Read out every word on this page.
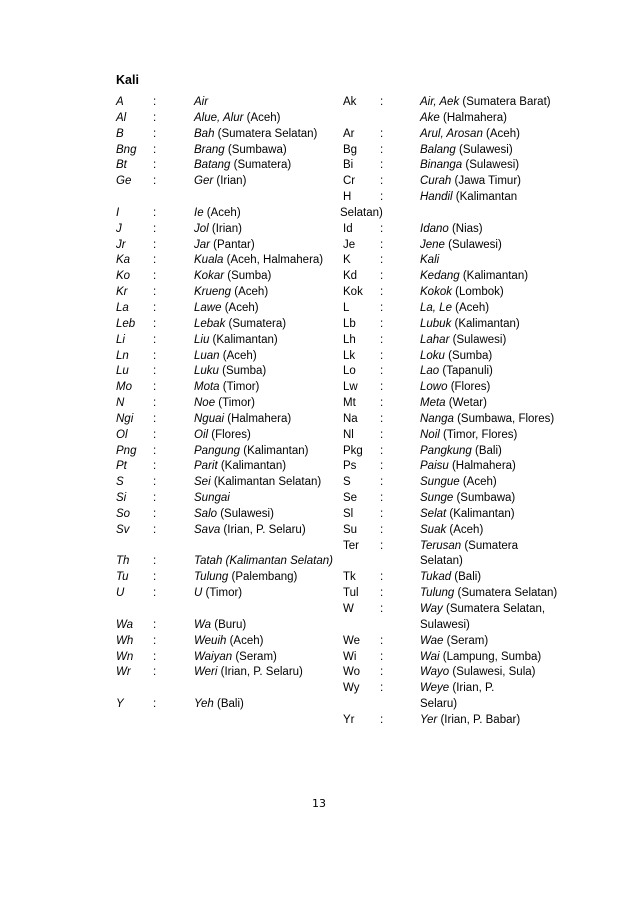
Kali
A	:	Air
Al	:	Alue, Alur (Aceh)
B	:	Bah (Sumatera Selatan)
Bng	:	Brang (Sumbawa)
Bt	:	Batang (Sumatera)
Ge	:	Ger (Irian)
I	:	Ie (Aceh)
J	:	Jol (Irian)
Jr	:	Jar (Pantar)
Ka	:	Kuala (Aceh, Halmahera)
Ko	:	Kokar (Sumba)
Kr	:	Krueng (Aceh)
La	:	Lawe (Aceh)
Leb	:	Lebak (Sumatera)
Li	:	Liu (Kalimantan)
Ln	:	Luan (Aceh)
Lu	:	Luku (Sumba)
Mo	:	Mota (Timor)
N	:	Noe (Timor)
Ngi	:	Nguai (Halmahera)
Ol	:	Oil (Flores)
Png	:	Pangung (Kalimantan)
Pt	:	Parit (Kalimantan)
S	:	Sei (Kalimantan Selatan)
Si	:	Sungai
So	:	Salo (Sulawesi)
Sv	:	Sava (Irian, P. Selaru)
Th	:	Tatah (Kalimantan Selatan)
Tu	:	Tulung (Palembang)
U	:	U (Timor)
Wa	:	Wa (Buru)
Wh	:	Weuih (Aceh)
Wn	:	Waiyan (Seram)
Wr	:	Weri (Irian, P. Selaru)
Y	:	Yeh (Bali)
Ak	:	Air, Aek (Sumatera Barat)
Ake (Halmahera)
Ar	:	Arul, Arosan (Aceh)
Bg	:	Balang (Sulawesi)
Bi	:	Binanga (Sulawesi)
Cr	:	Curah (Jawa Timur)
H	:	Handil (Kalimantan
Selatan)
Id	:	Idano (Nias)
Je	:	Jene (Sulawesi)
K	:	Kali
Kd	:	Kedang (Kalimantan)
Kok	:	Kokok (Lombok)
L	:	La, Le (Aceh)
Lb	:	Lubuk (Kalimantan)
Lh	:	Lahar (Sulawesi)
Lk	:	Loku (Sumba)
Lo	:	Lao (Tapanuli)
Lw	:	Lowo (Flores)
Mt	:	Meta (Wetar)
Na	:	Nanga (Sumbawa, Flores)
Nl	:	Noil (Timor, Flores)
Pkg	:	Pangkung (Bali)
Ps	:	Paisu (Halmahera)
S	:	Sungue (Aceh)
Se	:	Sunge (Sumbawa)
Sl	:	Selat (Kalimantan)
Su	:	Suak (Aceh)
Ter	:	Terusan (Sumatera
Selatan)
Tk	:	Tukad (Bali)
Tul	:	Tulung (Sumatera Selatan)
W	:	Way (Sumatera Selatan,
Sulawesi)
We	:	Wae (Seram)
Wi	:	Wai (Lampung, Sumba)
Wo	:	Wayo (Sulawesi, Sula)
Wy	:	Weye (Irian, P.
Selaru)
Yr	:	Yer (Irian, P. Babar)
13
